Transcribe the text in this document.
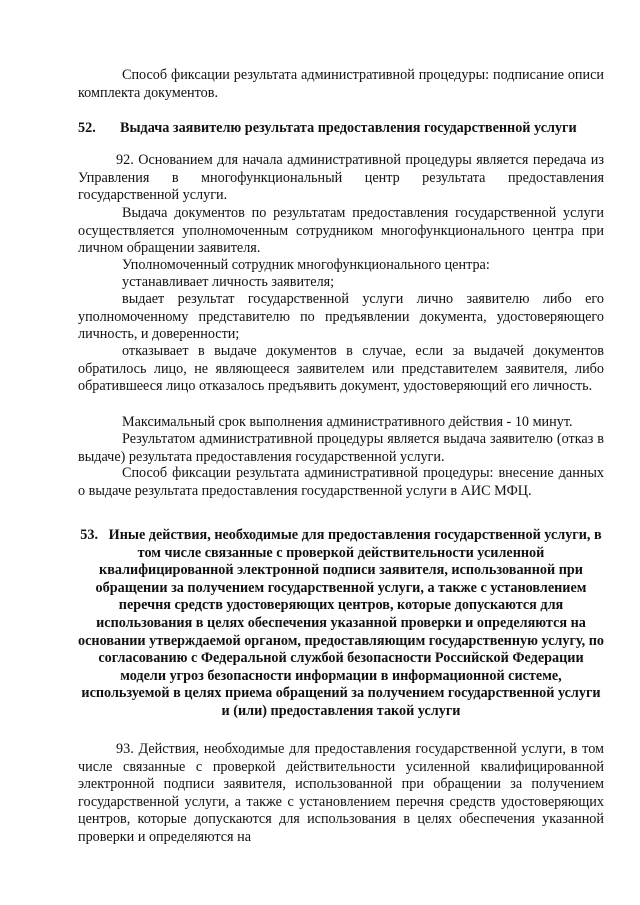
Способ фиксации результата административной процедуры: подписание описи комплекта документов.

52. Выдача заявителю результата предоставления государственной услуги

92. Основанием для начала административной процедуры является передача из Управления в многофункциональный центр результата предоставления государственной услуги.

Выдача документов по результатам предоставления государственной услуги осуществляется уполномоченным сотрудником многофункционального центра при личном обращении заявителя.

Уполномоченный сотрудник многофункционального центра:

устанавливает личность заявителя;

выдает результат государственной услуги лично заявителю либо его уполномоченному представителю по предъявлении документа, удостоверяющего личность, и доверенности;

отказывает в выдаче документов в случае, если за выдачей документов обратилось лицо, не являющееся заявителем или представителем заявителя, либо обратившееся лицо отказалось предъявить документ, удостоверяющий его личность.

Максимальный срок выполнения административного действия - 10 минут.

Результатом административной процедуры является выдача заявителю (отказ в выдаче) результата предоставления государственной услуги.

Способ фиксации результата административной процедуры: внесение данных о выдаче результата предоставления государственной услуги в АИС МФЦ.

53. Иные действия, необходимые для предоставления государственной услуги, в том числе связанные с проверкой действительности усиленной квалифицированной электронной подписи заявителя, использованной при обращении за получением государственной услуги, а также с установлением перечня средств удостоверяющих центров, которые допускаются для использования в целях обеспечения указанной проверки и определяются на основании утверждаемой органом, предоставляющим государственную услугу, по согласованию с Федеральной службой безопасности Российской Федерации модели угроз безопасности информации в информационной системе, используемой в целях приема обращений за получением государственной услуги и (или) предоставления такой услуги

93. Действия, необходимые для предоставления государственной услуги, в том числе связанные с проверкой действительности усиленной квалифицированной электронной подписи заявителя, использованной при обращении за получением государственной услуги, а также с установлением перечня средств удостоверяющих центров, которые допускаются для использования в целях обеспечения указанной проверки и определяются на
